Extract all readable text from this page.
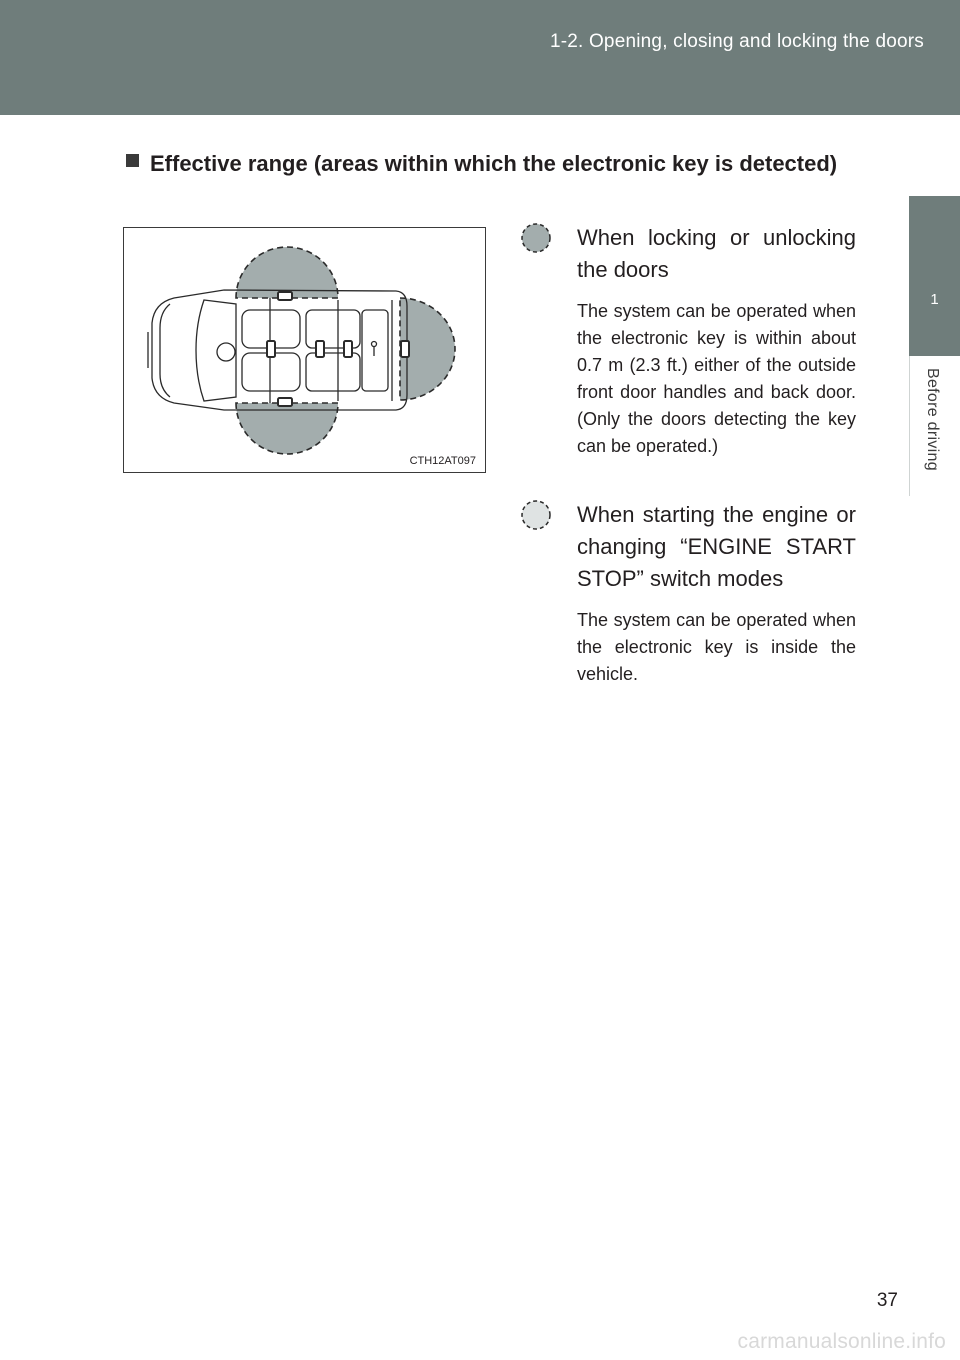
1-2. Opening, closing and locking the doors
1
Before driving
Effective range (areas within which the electronic key is detected)
CTH12AT097
When locking or unlocking the doors
The system can be operated when the electronic key is within about 0.7 m (2.3 ft.) either of the outside front door handles and back door. (Only the doors detecting the key can be operated.)
When starting the engine or changing “ENGINE START STOP” switch modes
The system can be operated when the electronic key is inside the vehicle.
37
carmanualsonline.info
